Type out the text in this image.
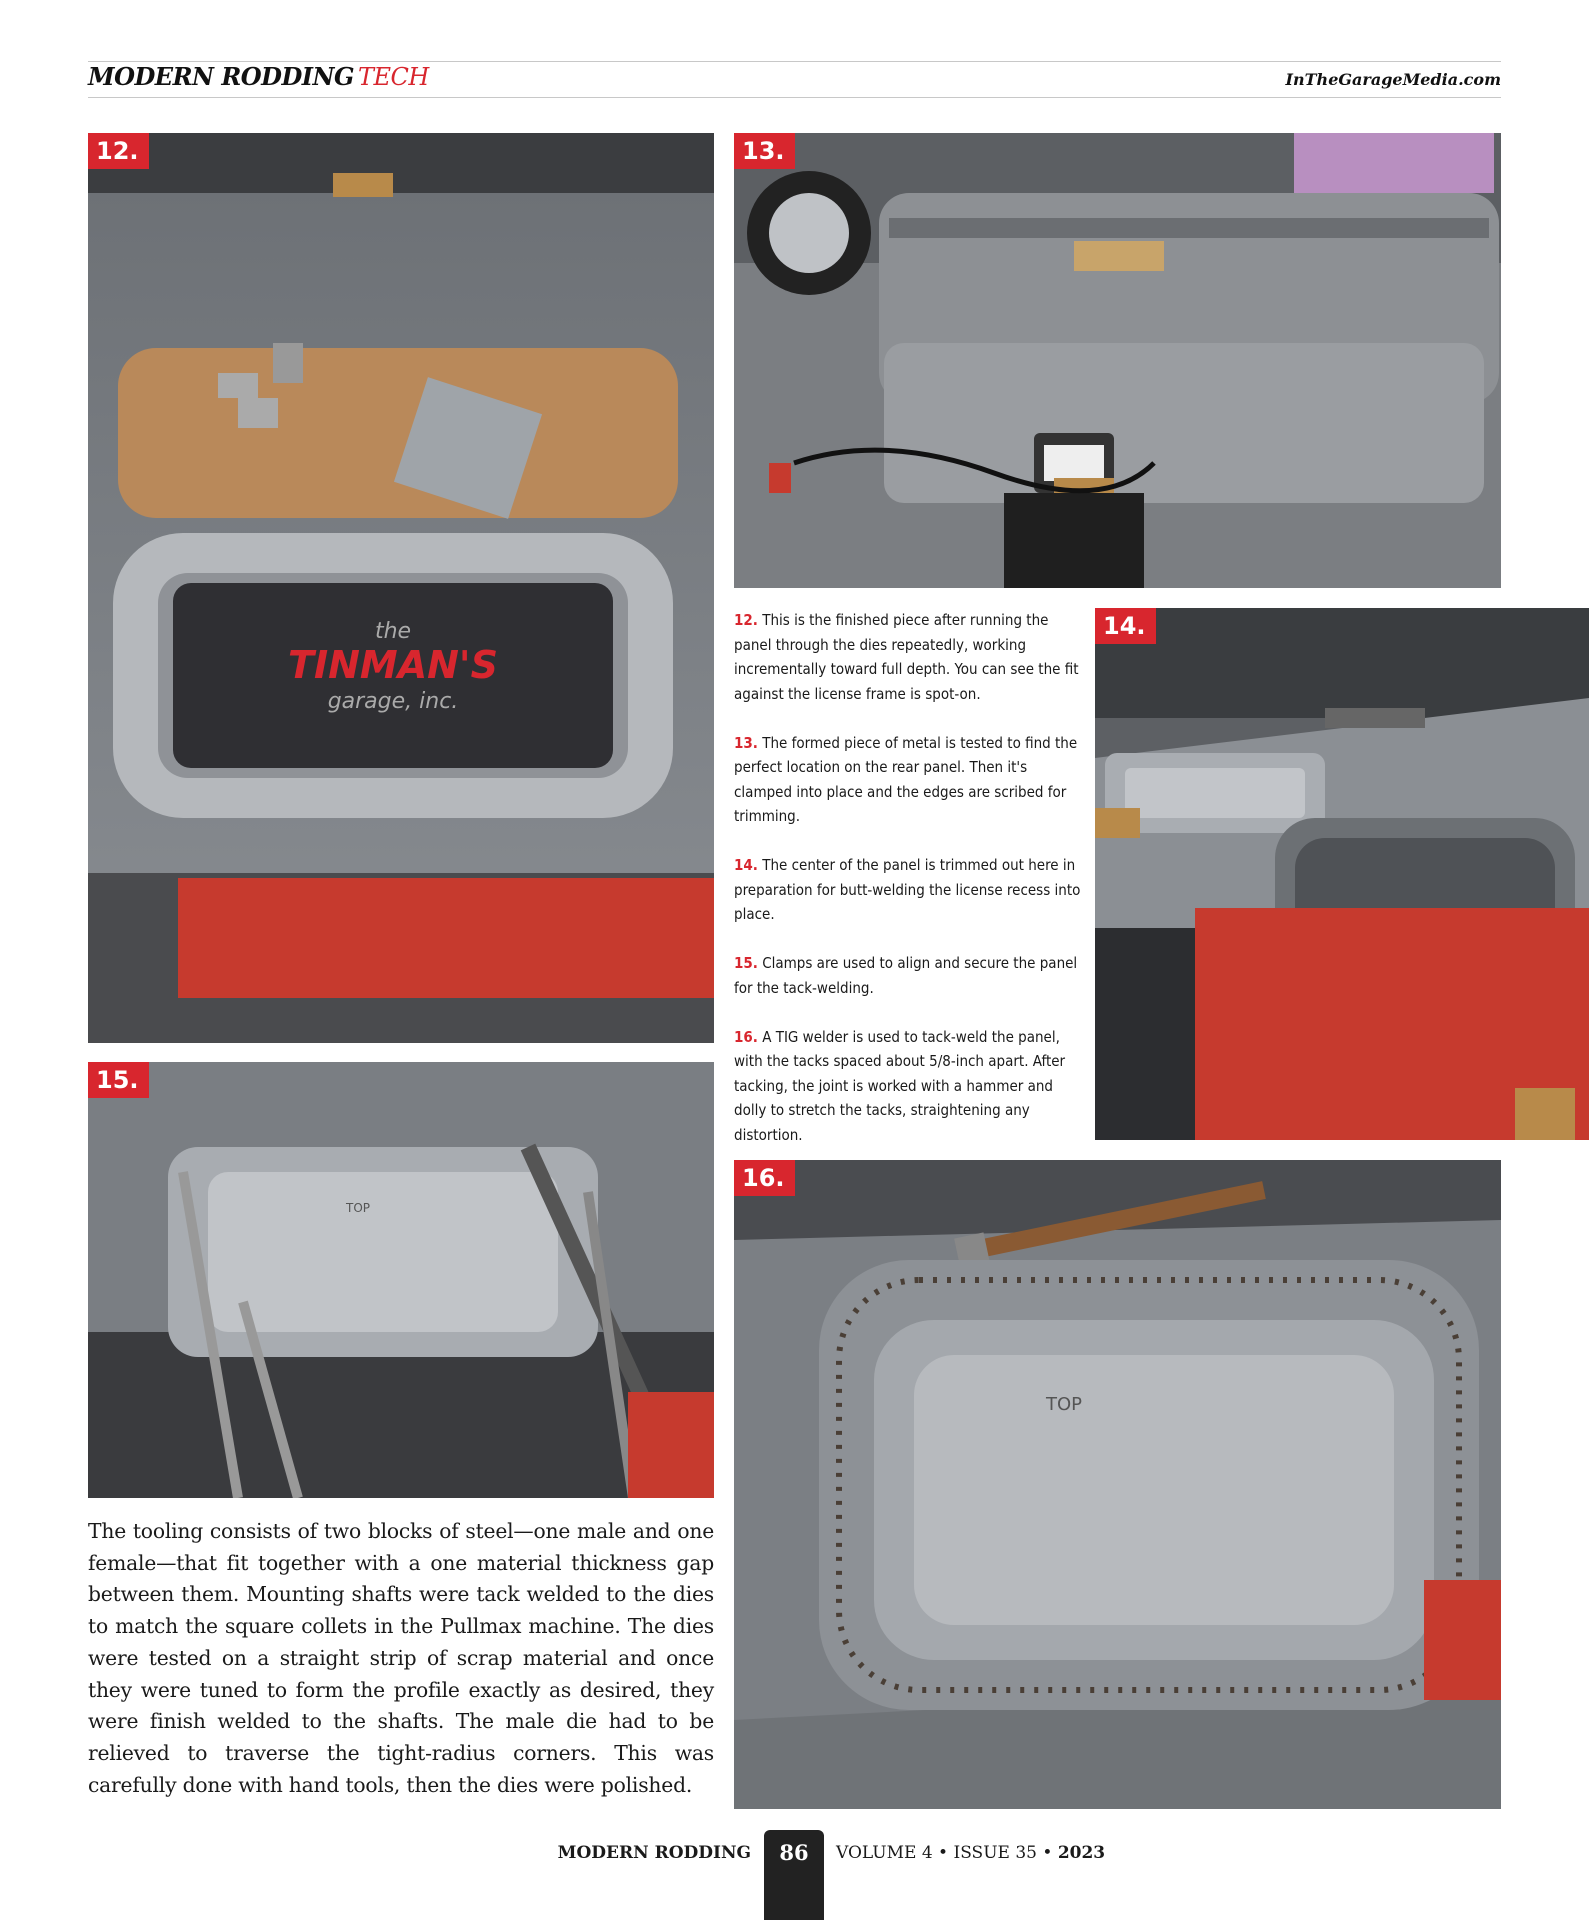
MODERN RODDING TECH	InTheGarageMedia.com
the
TINMAN'S
garage, inc.
12.	13.

12. This is the finished piece after running the panel through the dies repeatedly, working incrementally toward full depth. You can see the fit against the license frame is spot-on.

13. The formed piece of metal is tested to find the perfect location on the rear panel. Then it's clamped into place and the edges are scribed for trimming.

14. The center of the panel is trimmed out here in preparation for butt-welding the license recess into place.

15. Clamps are used to align and secure the panel for the tack-welding.

16. A TIG welder is used to tack-weld the panel, with the tacks spaced about 5/8-inch apart. After tacking, the joint is worked with a hammer and dolly to stretch the tacks, straightening any distortion.

14.
TOP
15.
TOP
16.
The tooling consists of two blocks of steel—one male and one female—that fit together with a one material thickness gap between them. Mounting shafts were tack welded to the dies to match the square collets in the Pullmax machine. The dies were tested on a straight strip of scrap material and once they were tuned to form the profile exactly as desired, they were finish welded to the shafts. The male die had to be relieved to traverse the tight-radius corners. This was carefully done with hand tools, then the dies were polished.
MODERN RODDING	86	VOLUME 4 • ISSUE 35 • 2023
